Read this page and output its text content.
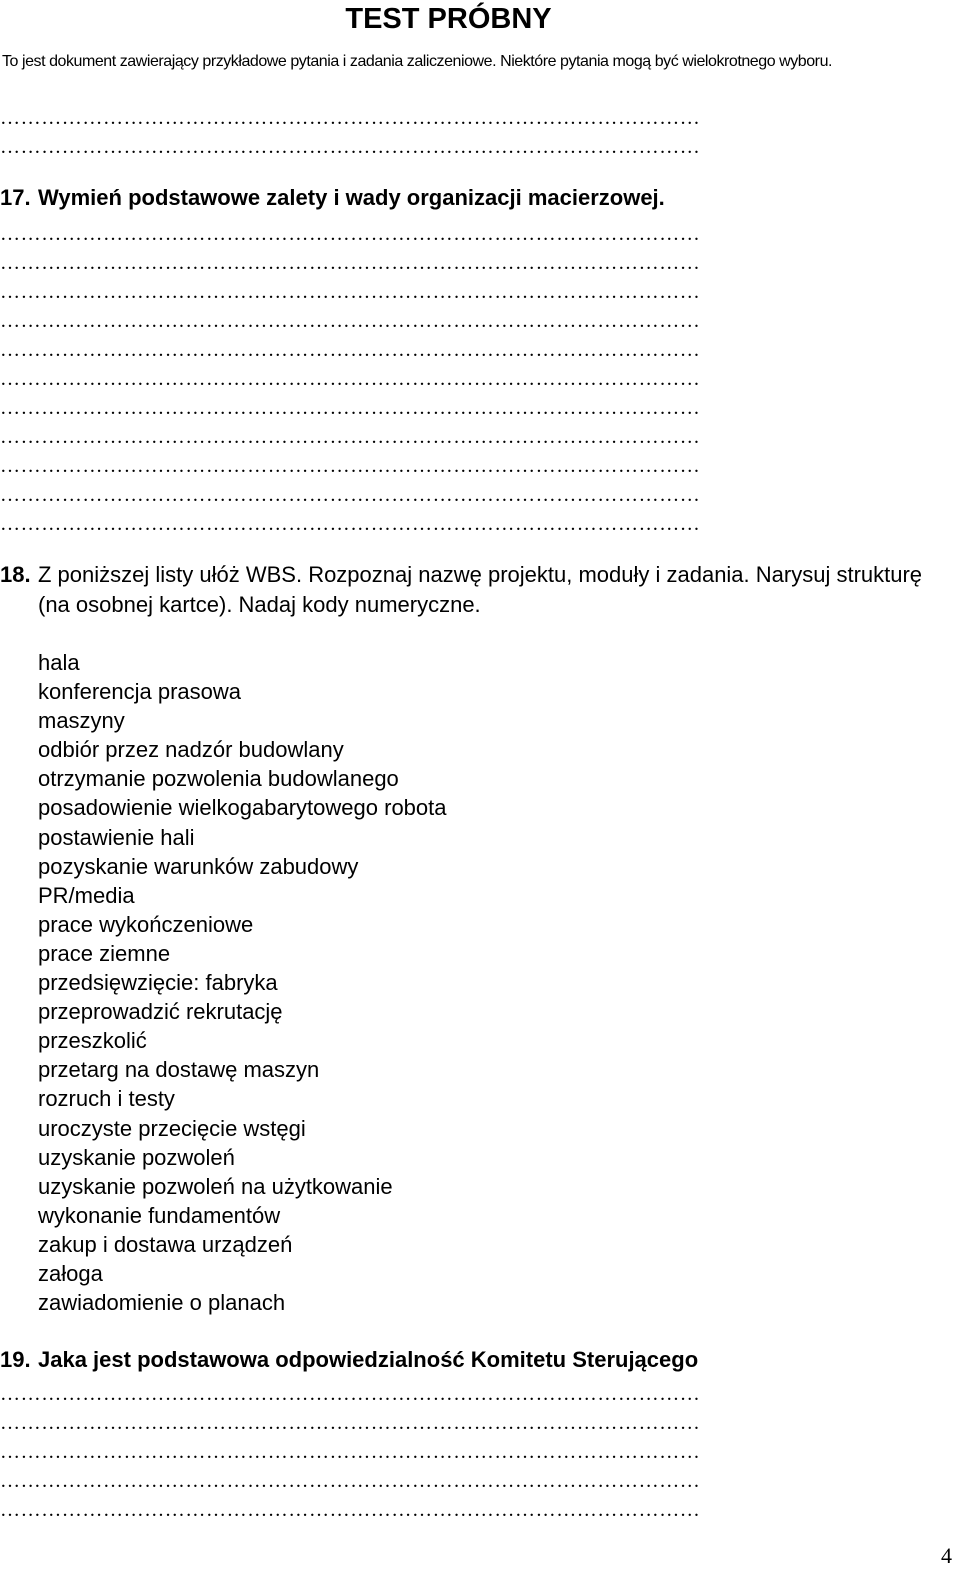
TEST PRÓBNY
To jest dokument zawierający przykładowe pytania i zadania zaliczeniowe. Niektóre pytania mogą być wielokrotnego wyboru.
…………………………………………………………………………………………
…………………………………………………………………………………………
17. Wymień podstawowe zalety i wady organizacji macierzowej.
…………………………………………………………………………………………
…………………………………………………………………………………………
…………………………………………………………………………………………
…………………………………………………………………………………………
…………………………………………………………………………………………
…………………………………………………………………………………………
…………………………………………………………………………………………
…………………………………………………………………………………………
…………………………………………………………………………………………
…………………………………………………………………………………………
…………………………………………………………………………………………
18. Z poniższej listy ułóż WBS. Rozpoznaj nazwę projektu, moduły i zadania. Narysuj strukturę (na osobnej kartce). Nadaj kody numeryczne.
hala
konferencja prasowa
maszyny
odbiór przez nadzór budowlany
otrzymanie pozwolenia budowlanego
posadowienie wielkogabarytowego robota
postawienie hali
pozyskanie warunków zabudowy
PR/media
prace wykończeniowe
prace ziemne
przedsięwzięcie: fabryka
przeprowadzić rekrutację
przeszkolić
przetarg na dostawę maszyn
rozruch i testy
uroczyste przecięcie wstęgi
uzyskanie pozwoleń
uzyskanie pozwoleń na użytkowanie
wykonanie fundamentów
zakup i dostawa urządzeń
załoga
zawiadomienie o planach
19. Jaka jest podstawowa odpowiedzialność Komitetu Sterującego
…………………………………………………………………………………………
…………………………………………………………………………………………
…………………………………………………………………………………………
…………………………………………………………………………………………
…………………………………………………………………………………………
4
